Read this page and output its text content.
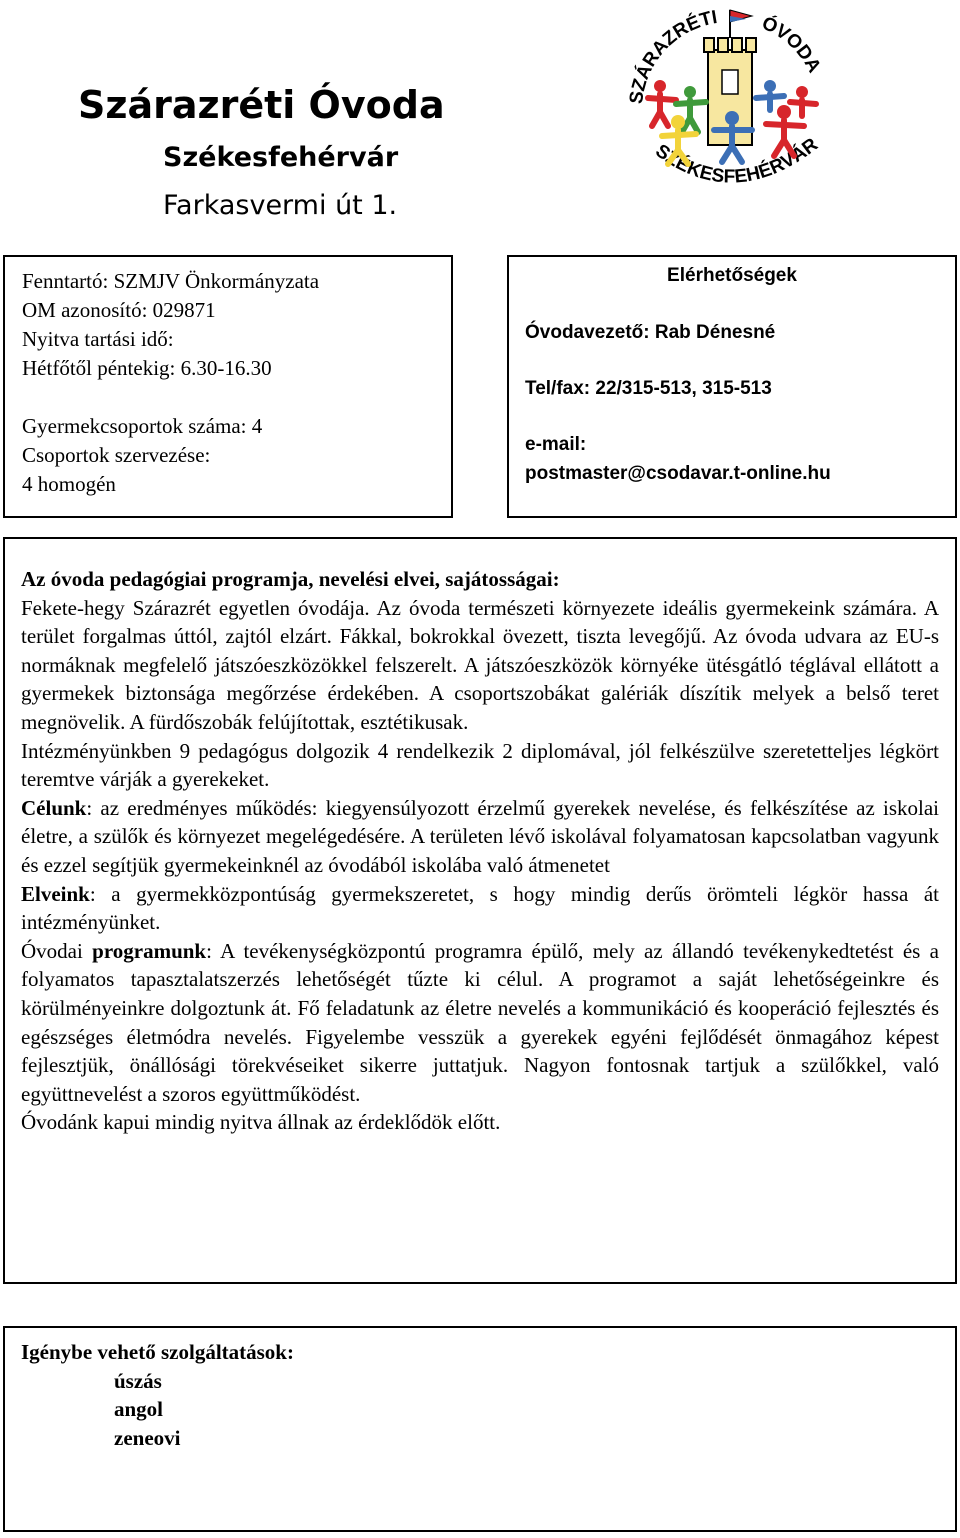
Szárazréti Óvoda
Székesfehérvár
Farkasvermi út 1.
SZÁRAZRÉTI ÓVODA
SZÉKESFEHÉRVÁR
Fenntartó: SZMJV Önkormányzata
OM azonosító: 029871
Nyitva tartási idő:
Hétfőtől péntekig: 6.30-16.30
Gyermekcsoportok száma: 4
Csoportok szervezése:
4 homogén
Elérhetőségek
Óvodavezető: Rab Dénesné
Tel/fax: 22/315-513, 315-513
e-mail:
postmaster@csodavar.t-online.hu
Az óvoda pedagógiai programja, nevelési elvei, sajátosságai:
Fekete-hegy Szárazrét egyetlen óvodája. Az óvoda természeti környezete ideális gyermekeink számára. A terület forgalmas úttól, zajtól elzárt. Fákkal, bokrokkal övezett, tiszta levegőjű. Az óvoda udvara az EU-s normáknak megfelelő játszóeszközökkel felszerelt. A játszóeszközök környéke ütésgátló téglával ellátott a gyermekek biztonsága megőrzése érdekében. A csoportszobákat galériák díszítik melyek a belső teret megnövelik. A fürdőszobák felújítottak, esztétikusak.
Intézményünkben 9 pedagógus dolgozik 4 rendelkezik 2 diplomával, jól felkészülve szeretetteljes légkört teremtve várják a gyerekeket.
Célunk: az eredményes működés: kiegyensúlyozott érzelmű gyerekek nevelése, és felkészítése az iskolai életre, a szülők és környezet megelégedésére. A területen lévő iskolával folyamatosan kapcsolatban vagyunk és ezzel segítjük gyermekeinknél az óvodából iskolába való átmenetet
Elveink: a gyermekközpontúság gyermekszeretet, s hogy mindig derűs örömteli légkör hassa át intézményünket.
Óvodai programunk: A tevékenységközpontú programra épülő, mely az állandó tevékenykedtetést és a folyamatos tapasztalatszerzés lehetőségét tűzte ki célul. A programot a saját lehetőségeinkre és körülményeinkre dolgoztunk át. Fő feladatunk az életre nevelés a kommunikáció és kooperáció fejlesztés és egészséges életmódra nevelés. Figyelembe vesszük a gyerekek egyéni fejlődését önmagához képest fejlesztjük, önállósági törekvéseiket sikerre juttatjuk. Nagyon fontosnak tartjuk a szülőkkel, való együttnevelést a szoros együttműködést.
Óvodánk kapui mindig nyitva állnak az érdeklődök előtt.
Igénybe vehető szolgáltatások:
úszás
angol
zeneovi
